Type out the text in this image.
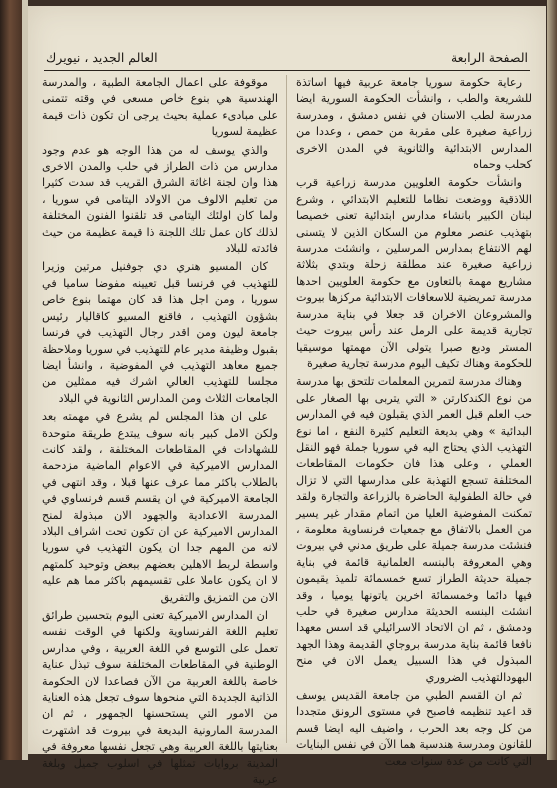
الصفحة الرابعة
العالم الجديد ، نيويرك

رعاية حكومة سوريا جامعة عربية فيها اساتذة للشريعة والطب ، وانشأت الحكومة السورية ايضا مدرسة لطب الاسنان في نفس دمشق ، ومدرسة زراعية صغيرة على مقربة من حمص ، وعددا من المدارس الابتدائية والثانوية في المدن الاخرى كحلب وحماه

وانشأت حكومة العلويين مدرسة زراعية قرب اللاذقية ووضعت نظاما للتعليم الابتدائي ، وشرع لبنان الكبير بانشاء مدارس ابتدائية تعنى خصيصا بتهذيب عنصر معلوم من السكان الذين لا يتسنى لهم الانتفاع بمدارس المرسلين ، وانشئت مدرسة زراعية صغيرة عند مطلقة زحلة وبتدي بثلاثة مشاريع مهمة بالتعاون مع حكومة العلويين احدها مدرسة تمريضية للاسعافات الابتدائية مركزها بيروت والمشروعان الاخران قد جعلا في بناية مدرسة تجارية قديمة على الرمل عند رأس بيروت حيث المستر وديع صبرا يتولى الآن مهمتها موسيقيا للحكومة وهناك تكيف اليوم مدرسة تجارية صغيرة

وهناك مدرسة لتمرين المعلمات تلتحق بها مدرسة من نوع الكندكارتن « التي يتربى بها الصغار على حب العلم قبل العمر الذي يقبلون فيه في المدارس البدائية » وهي بديعة التعليم كثيرة النفع ، اما نوع التهذيب الذي يحتاج اليه في سوريا جملة فهو النقل العملي ، وعلى هذا فان حكومات المقاطعات المختلفة تسجع التهذبة على مدارسها التي لا تزال في حالة الطفولية الحاضرة بالزراعة والتجارة ولقد تمكنت المفوضية العليا من اتمام مقدار غير يسير من العمل بالاتفاق مع جمعيات فرنساوية معلومة ، فنشئت مدرسة جميلة على طريق مدني في بيروت وهي المعروفة بالبنسه العلمانية قائمة في بناية جميلة حديثة الطراز تسع خمسمائة تلميذ يقيمون فيها دائما وخمسمائة اخرين ياتونها يوميا ، وقد انشئت البنسه الحديثة مدارس صغيرة في حلب ودمشق ، ثم ان الاتحاد الاسرائيلي قد اسس معهدا نافعا قائمة بناية مدرسة بروجاي القديمة وهذا الجهد المبذول في هذا السبيل يعمل الان في منح البهودالتهذيب الضروري

ثم ان القسم الطبي من جامعة القديس يوسف قد اعيد تنظيمه فاصبح في مستوى الرونق متجددا من كل وجه بعد الحرب ، واضيف اليه ايضا قسم للقانون ومدرسة هندسية هما الآن في نفس البنايات التي كانت من عدة سنوات معت

موقوفة على اعمال الجامعة الطبية ، والمدرسة الهندسية هي بنوع خاص مسعى في وقته تتمنى على مبادىء عملية بحيث يرجى ان تكون ذات قيمة عظيمة لسوريا

والذي يوسف له من هذا الوجه هو عدم وجود مدارس من ذات الطراز في حلب والمدن الاخرى هذا وان لجنة اغاثة الشرق القريب قد سدت كثيرا من تعليم الالوف من الاولاد اليتامى في سوريا ، ولما كان اولئك اليتامى قد تلقنوا الفنون المختلفة لذلك كان عمل تلك اللجنة ذا قيمة عظيمة من حيث فائدته للبلاد

كان المسيو هنري دي جوفنيل مرتين وزيرا للتهذيب في فرنسا قبل تعيينه مفوضا ساميا في سوريا ، ومن اجل هذا قد كان مهتما بنوع خاص بشؤون التهذيب ، فاقنع المسيو كاقاليار رئيس جامعة ليون ومن اقدر رجال التهذيب في فرنسا بقبول وظيفة مدير عام للتهذيب في سوريا وملاحظة جميع معاهد التهذيب في المفوضية ، وانشأ ايضا مجلسا للتهذيب العالي اشرك فيه ممثلين من الجامعات الثلاث ومن المدارس الثانوية في البلاد

على ان هذا المجلس لم يشرع في مهمته بعد ولكن الامل كبير بانه سوف يبتدع طريقة متوحدة للشهادات في المقاطعات المختلفة ، ولقد كانت المدارس الاميركية في الاعوام الماضية مزدحمة بالطلاب باكثر مما عرف عنها قبلا ، وقد انتهى في الجامعة الاميركية في ان يقسم قسم فرنساوي في المدرسة الاعدادية والجهود الان مبذولة لمنح المدارس الاميركية عن ان تكون تحت اشراف البلاد لانه من المهم جدا ان يكون التهذيب في سوريا واسطة لربط الاهلين بعضهم ببعض وتوحيد كلمتهم لا ان يكون عاملا على تقسيمهم باكثر مما هم عليه الان من التمزيق والتفريق

ان المدارس الاميركية تعنى اليوم بتحسين طرائق تعليم اللغة الفرنساوية ولكنها في الوقت نفسه تعمل على التوسع في اللغة العربية ، وفي مدارس الوطنية في المقاطعات المختلفة سوف تبذل عناية خاصة باللغة العربية من الآن فصاعدا لان الحكومة الذاتية الجديدة التي منحوها سوف تجعل هذه العناية من الامور التي يستحسنها الجمهور ، ثم ان المدرسة المارونية البديعة في بيروت قد اشتهرت بعنايتها باللغة العربية وهي تجعل نفسها معروفة في المدينة بروايات تمثلها في اسلوب جميل وبلغة عربية
